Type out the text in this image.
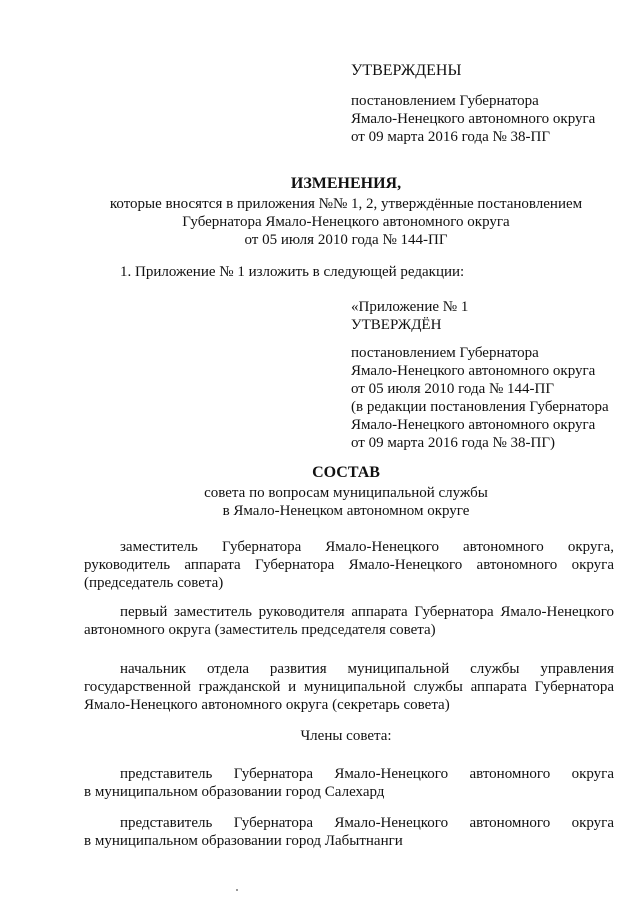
УТВЕРЖДЕНЫ
постановлением Губернатора
Ямало-Ненецкого автономного округа
от 09 марта 2016 года № 38-ПГ
ИЗМЕНЕНИЯ,
которые вносятся в приложения №№ 1, 2, утверждённые постановлением
Губернатора Ямало-Ненецкого автономного округа
от 05 июля 2010 года № 144-ПГ
1. Приложение № 1 изложить в следующей редакции:
«Приложение № 1
УТВЕРЖДЁН
постановлением Губернатора
Ямало-Ненецкого автономного округа
от 05 июля 2010 года № 144-ПГ
(в редакции постановления Губернатора
Ямало-Ненецкого автономного округа
от 09 марта 2016 года № 38-ПГ)
СОСТАВ
совета по вопросам муниципальной службы
в Ямало-Ненецком автономном округе
заместитель Губернатора Ямало-Ненецкого автономного округа,
руководитель аппарата Губернатора Ямало-Ненецкого автономного округа
(председатель совета)
первый заместитель руководителя аппарата Губернатора Ямало-Ненецкого
автономного округа (заместитель председателя совета)
начальник отдела развития муниципальной службы управления
государственной гражданской и муниципальной службы аппарата Губернатора
Ямало-Ненецкого автономного округа (секретарь совета)
Члены совета:
представитель Губернатора Ямало-Ненецкого автономного округа
в муниципальном образовании город Салехард
представитель Губернатора Ямало-Ненецкого автономного округа
в муниципальном образовании город Лабытнанги
